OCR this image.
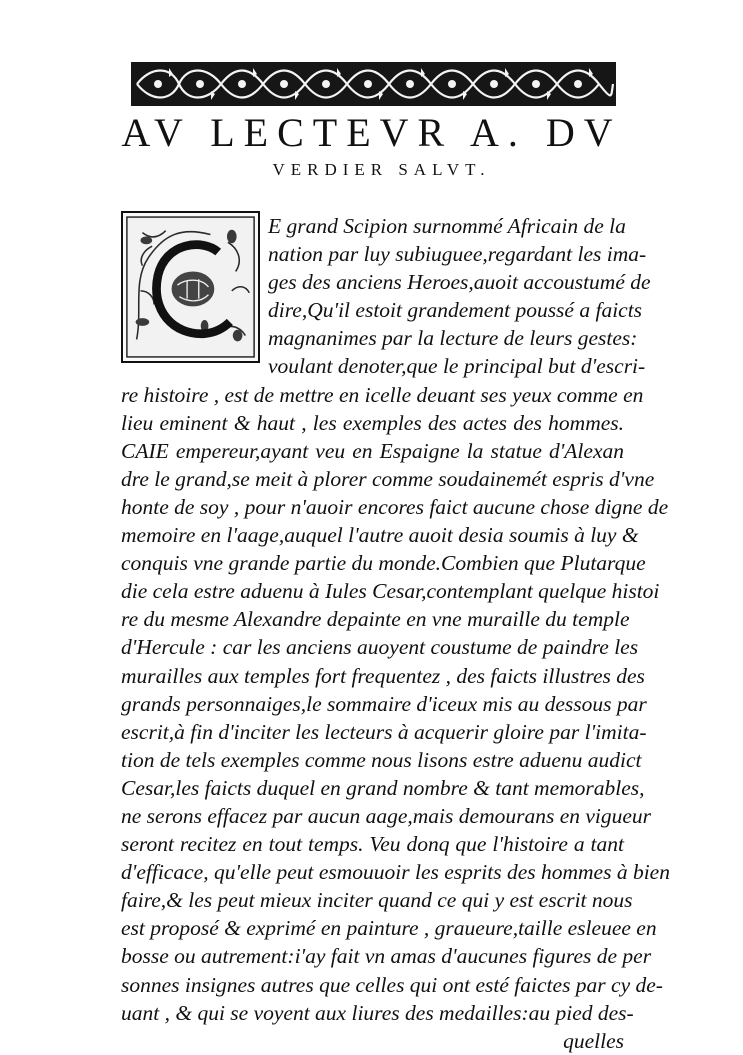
AV LECTEVR A. DV
VERDIER SALVT.
E grand Scipion surnommé Africain de la
nation par luy subiuguee,regardant les ima-
ges des anciens Heroes,auoit accoustumé de
dire,Qu'il estoit grandement poussé a faicts
magnanimes par la lecture de leurs gestes:
voulant denoter,que le principal but d'escri-
re histoire , est de mettre en icelle deuant ses yeux comme en
lieu eminent & haut , les exemples des actes des hommes.
CAIE empereur,ayant veu en Espaigne la statue d'Alexan
dre le grand,se meit à plorer comme soudainemét espris d'vne
honte de soy , pour n'auoir encores faict aucune chose digne de
memoire en l'aage,auquel l'autre auoit desia soumis à luy &
conquis vne grande partie du monde.Combien que Plutarque
die cela estre aduenu à Iules Cesar,contemplant quelque histoi
re du mesme Alexandre depainte en vne muraille du temple
d'Hercule : car les anciens auoyent coustume de paindre les
murailles aux temples fort frequentez , des faicts illustres des
grands personnaiges,le sommaire d'iceux mis au dessous par
escrit,à fin d'inciter les lecteurs à acquerir gloire par l'imita-
tion de tels exemples comme nous lisons estre aduenu audict
Cesar,les faicts duquel en grand nombre & tant memorables,
ne serons effacez par aucun aage,mais demourans en vigueur
seront recitez en tout temps. Veu donq que l'histoire a tant
d'efficace, qu'elle peut esmouuoir les esprits des hommes à bien
faire,& les peut mieux inciter quand ce qui y est escrit nous
est proposé & exprimé en painture , graueure,taille esleuee en
bosse ou autrement:i'ay fait vn amas d'aucunes figures de per
sonnes insignes autres que celles qui ont esté faictes par cy de-
uant , & qui se voyent aux liures des medailles:au pied des-
quelles
